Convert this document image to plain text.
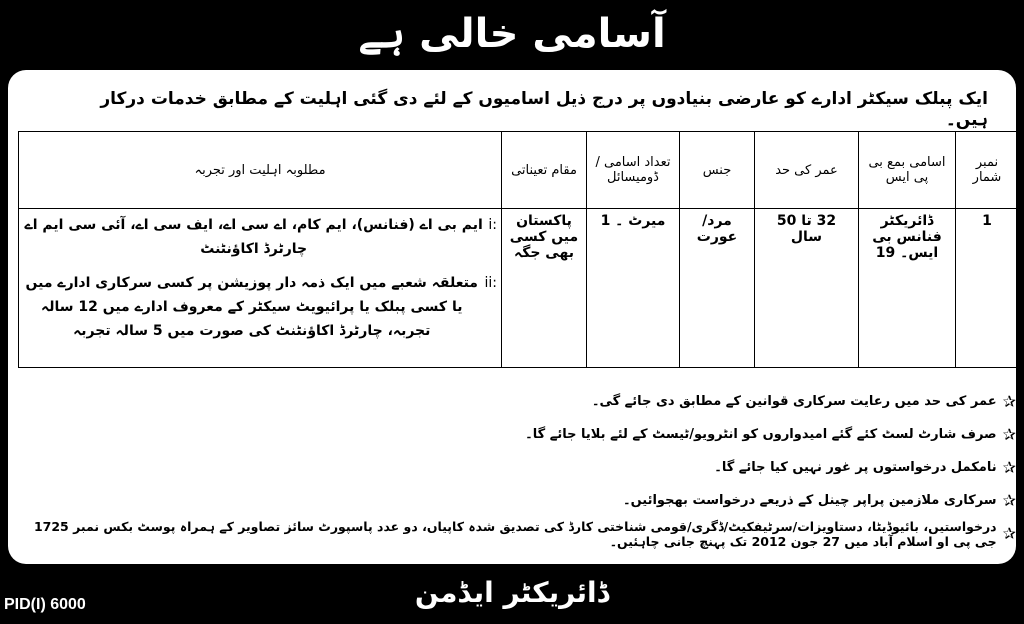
آسامی خالی ہے
ایک پبلک سیکٹر ادارے کو عارضی بنیادوں پر درج ذیل اسامیوں کے لئے دی گئی اہلیت کے مطابق خدمات درکار ہیں۔
نمبر شمار	اسامی بمع بی پی ایس	عمر کی حد	جنس	تعداد اسامی / ڈومیسائل	مقام تعیناتی	مطلوبہ اہلیت اور تجربہ
1	ڈائریکٹر فنانس بی ایس۔ 19	32 تا 50 سال	مرد/عورت	میرٹ ۔ 1	پاکستان میں کسی بھی جگہ	i:
ایم بی اے (فنانس)، ایم کام، اے سی اے، ایف سی اے، آئی سی ایم اے چارٹرڈ اکاؤنٹنٹ
ii:
متعلقہ شعبے میں ایک ذمہ دار پوزیشن پر کسی سرکاری ادارے میں یا کسی پبلک یا پرائیویٹ سیکٹر کے معروف ادارے میں 12 سالہ تجربہ، چارٹرڈ اکاؤنٹنٹ کی صورت میں 5 سالہ تجربہ
✰
عمر کی حد میں رعایت سرکاری قوانین کے مطابق دی جائے گی۔
✰
صرف شارٹ لسٹ کئے گئے امیدواروں کو انٹرویو/ٹیسٹ کے لئے بلایا جائے گا۔
✰
نامکمل درخواستوں پر غور نہیں کیا جائے گا۔
✰
سرکاری ملازمین پراپر چینل کے ذریعے درخواست بھجوائیں۔
✰
درخواستیں، بائیوڈیٹا، دستاویزات/سرٹیفکیٹ/ڈگری/قومی شناختی کارڈ کی تصدیق شدہ کاپیاں، دو عدد پاسپورٹ سائز تصاویر کے ہمراہ پوسٹ بکس نمبر 1725 جی پی او اسلام آباد میں 27 جون 2012 تک پہنچ جانی چاہئیں۔
ڈائریکٹر ایڈمن
PID(I) 6000
